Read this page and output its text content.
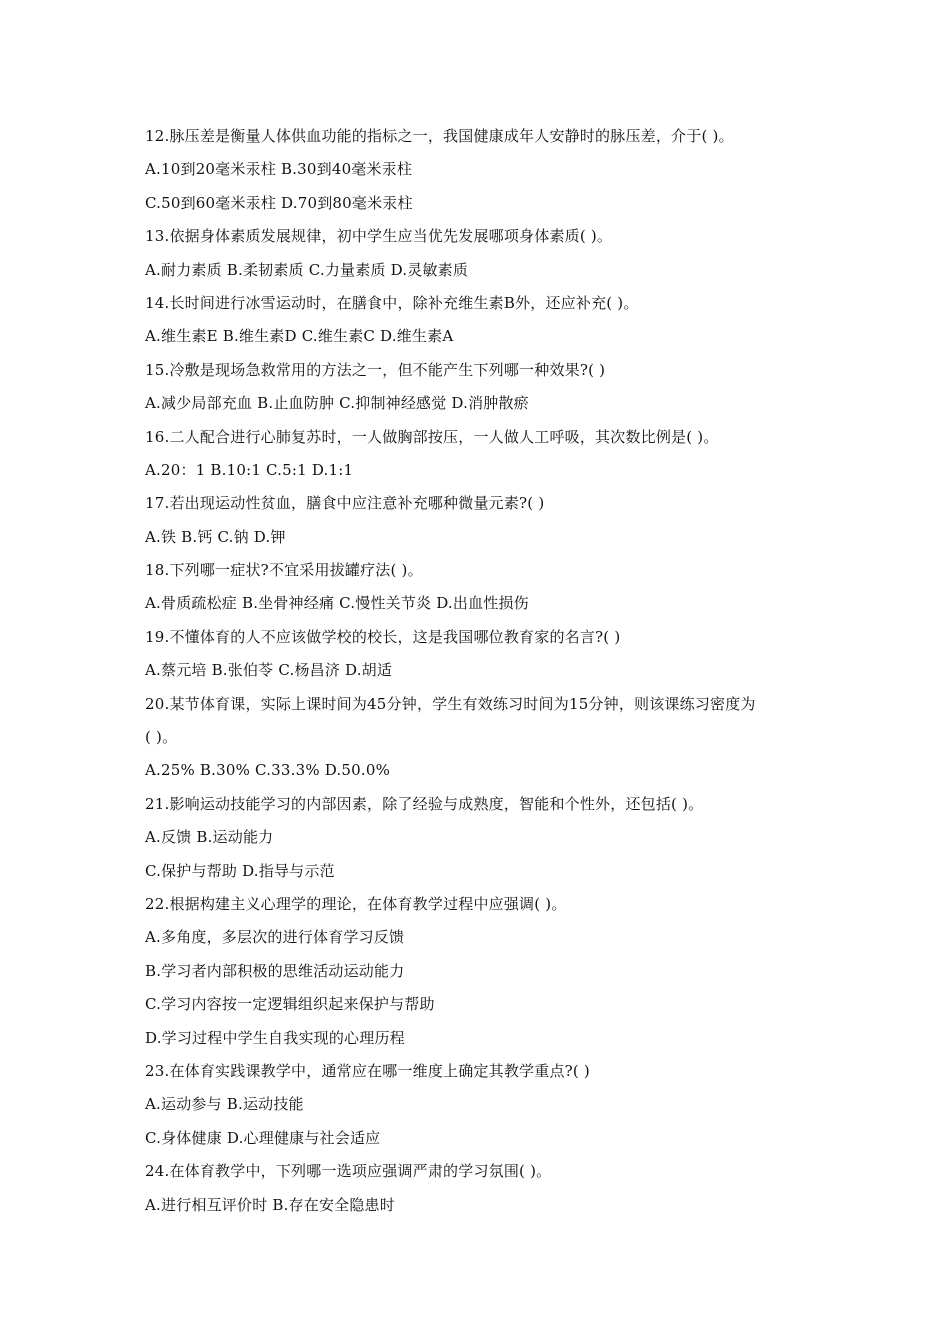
12.脉压差是衡量人体供血功能的指标之一，我国健康成年人安静时的脉压差，介于( )。
A.10到20毫米汞柱 B.30到40毫米汞柱
C.50到60毫米汞柱 D.70到80毫米汞柱
13.依据身体素质发展规律，初中学生应当优先发展哪项身体素质( )。
A.耐力素质 B.柔韧素质 C.力量素质 D.灵敏素质
14.长时间进行冰雪运动时，在膳食中，除补充维生素B外，还应补充( )。
A.维生素E B.维生素D C.维生素C D.维生素A
15.冷敷是现场急救常用的方法之一，但不能产生下列哪一种效果?( )
A.减少局部充血 B.止血防肿 C.抑制神经感觉 D.消肿散瘀
16.二人配合进行心肺复苏时，一人做胸部按压，一人做人工呼吸，其次数比例是( )。
A.20：1 B.10:1 C.5:1 D.1:1
17.若出现运动性贫血，膳食中应注意补充哪种微量元素?( )
A.铁 B.钙 C.钠 D.钾
18.下列哪一症状?不宜采用拔罐疗法( )。
A.骨质疏松症 B.坐骨神经痛 C.慢性关节炎 D.出血性损伤
19.不懂体育的人不应该做学校的校长，这是我国哪位教育家的名言?( )
A.蔡元培 B.张伯苓 C.杨昌济 D.胡适
20.某节体育课，实际上课时间为45分钟，学生有效练习时间为15分钟，则该课练习密度为
( )。
A.25% B.30% C.33.3% D.50.0%
21.影响运动技能学习的内部因素，除了经验与成熟度，智能和个性外，还包括( )。
A.反馈 B.运动能力
C.保护与帮助 D.指导与示范
22.根据构建主义心理学的理论，在体育教学过程中应强调( )。
A.多角度，多层次的进行体育学习反馈
B.学习者内部积极的思维活动运动能力
C.学习内容按一定逻辑组织起来保护与帮助
D.学习过程中学生自我实现的心理历程
23.在体育实践课教学中，通常应在哪一维度上确定其教学重点?( )
A.运动参与 B.运动技能
C.身体健康 D.心理健康与社会适应
24.在体育教学中，下列哪一选项应强调严肃的学习氛围( )。
A.进行相互评价时 B.存在安全隐患时
